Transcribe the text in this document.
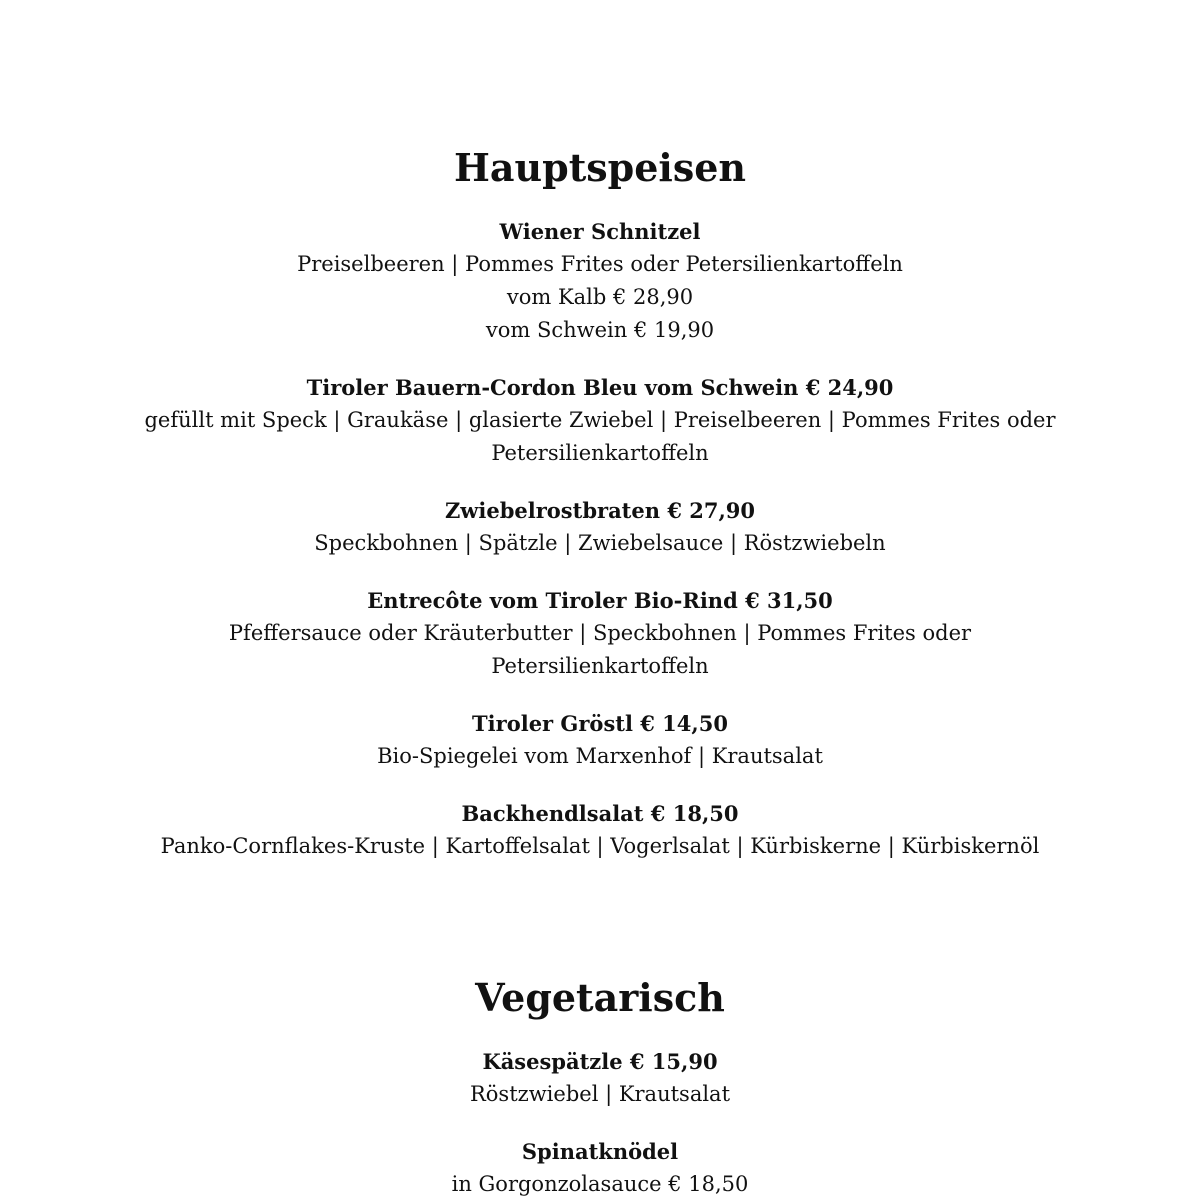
Hauptspeisen

Wiener Schnitzel

Preiselbeeren | Pommes Frites oder Petersilienkartoffeln

vom Kalb € 28,90

vom Schwein € 19,90

Tiroler Bauern-Cordon Bleu vom Schwein € 24,90

gefüllt mit Speck | Graukäse | glasierte Zwiebel | Preiselbeeren | Pommes Frites oder

Petersilienkartoffeln

Zwiebelrostbraten € 27,90

Speckbohnen | Spätzle | Zwiebelsauce | Röstzwiebeln

Entrecôte vom Tiroler Bio-Rind € 31,50

Pfeffersauce oder Kräuterbutter | Speckbohnen | Pommes Frites oder

Petersilienkartoffeln

Tiroler Gröstl € 14,50

Bio-Spiegelei vom Marxenhof | Krautsalat

Backhendlsalat € 18,50

Panko-Cornflakes-Kruste | Kartoffelsalat | Vogerlsalat | Kürbiskerne | Kürbiskernöl

Vegetarisch

Käsespätzle € 15,90

Röstzwiebel | Krautsalat

Spinatknödel

in Gorgonzolasauce € 18,50
